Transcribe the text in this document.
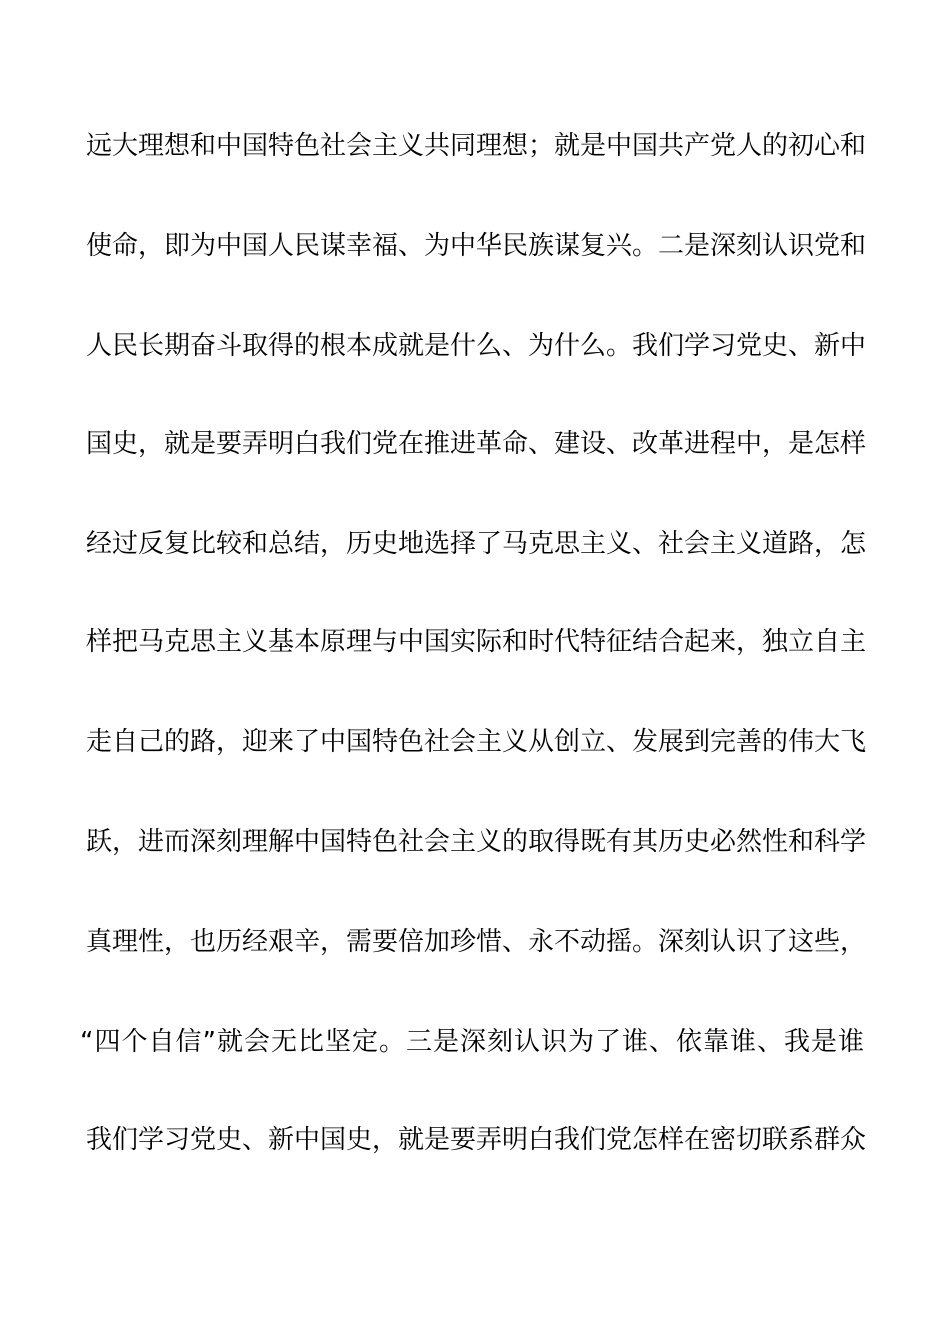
远大理想和中国特色社会主义共同理想；就是中国共产党人的初心和
使命，即为中国人民谋幸福、为中华民族谋复兴。二是深刻认识党和
人民长期奋斗取得的根本成就是什么、为什么。我们学习党史、新中
国史，就是要弄明白我们党在推进革命、建设、改革进程中，是怎样
经过反复比较和总结，历史地选择了马克思主义、社会主义道路，怎
样把马克思主义基本原理与中国实际和时代特征结合起来，独立自主
走自己的路，迎来了中国特色社会主义从创立、发展到完善的伟大飞
跃，进而深刻理解中国特色社会主义的取得既有其历史必然性和科学
真理性，也历经艰辛，需要倍加珍惜、永不动摇。深刻认识了这些，
“四个自信”就会无比坚定。三是深刻认识为了谁、依靠谁、我是谁
我们学习党史、新中国史，就是要弄明白我们党怎样在密切联系群众
